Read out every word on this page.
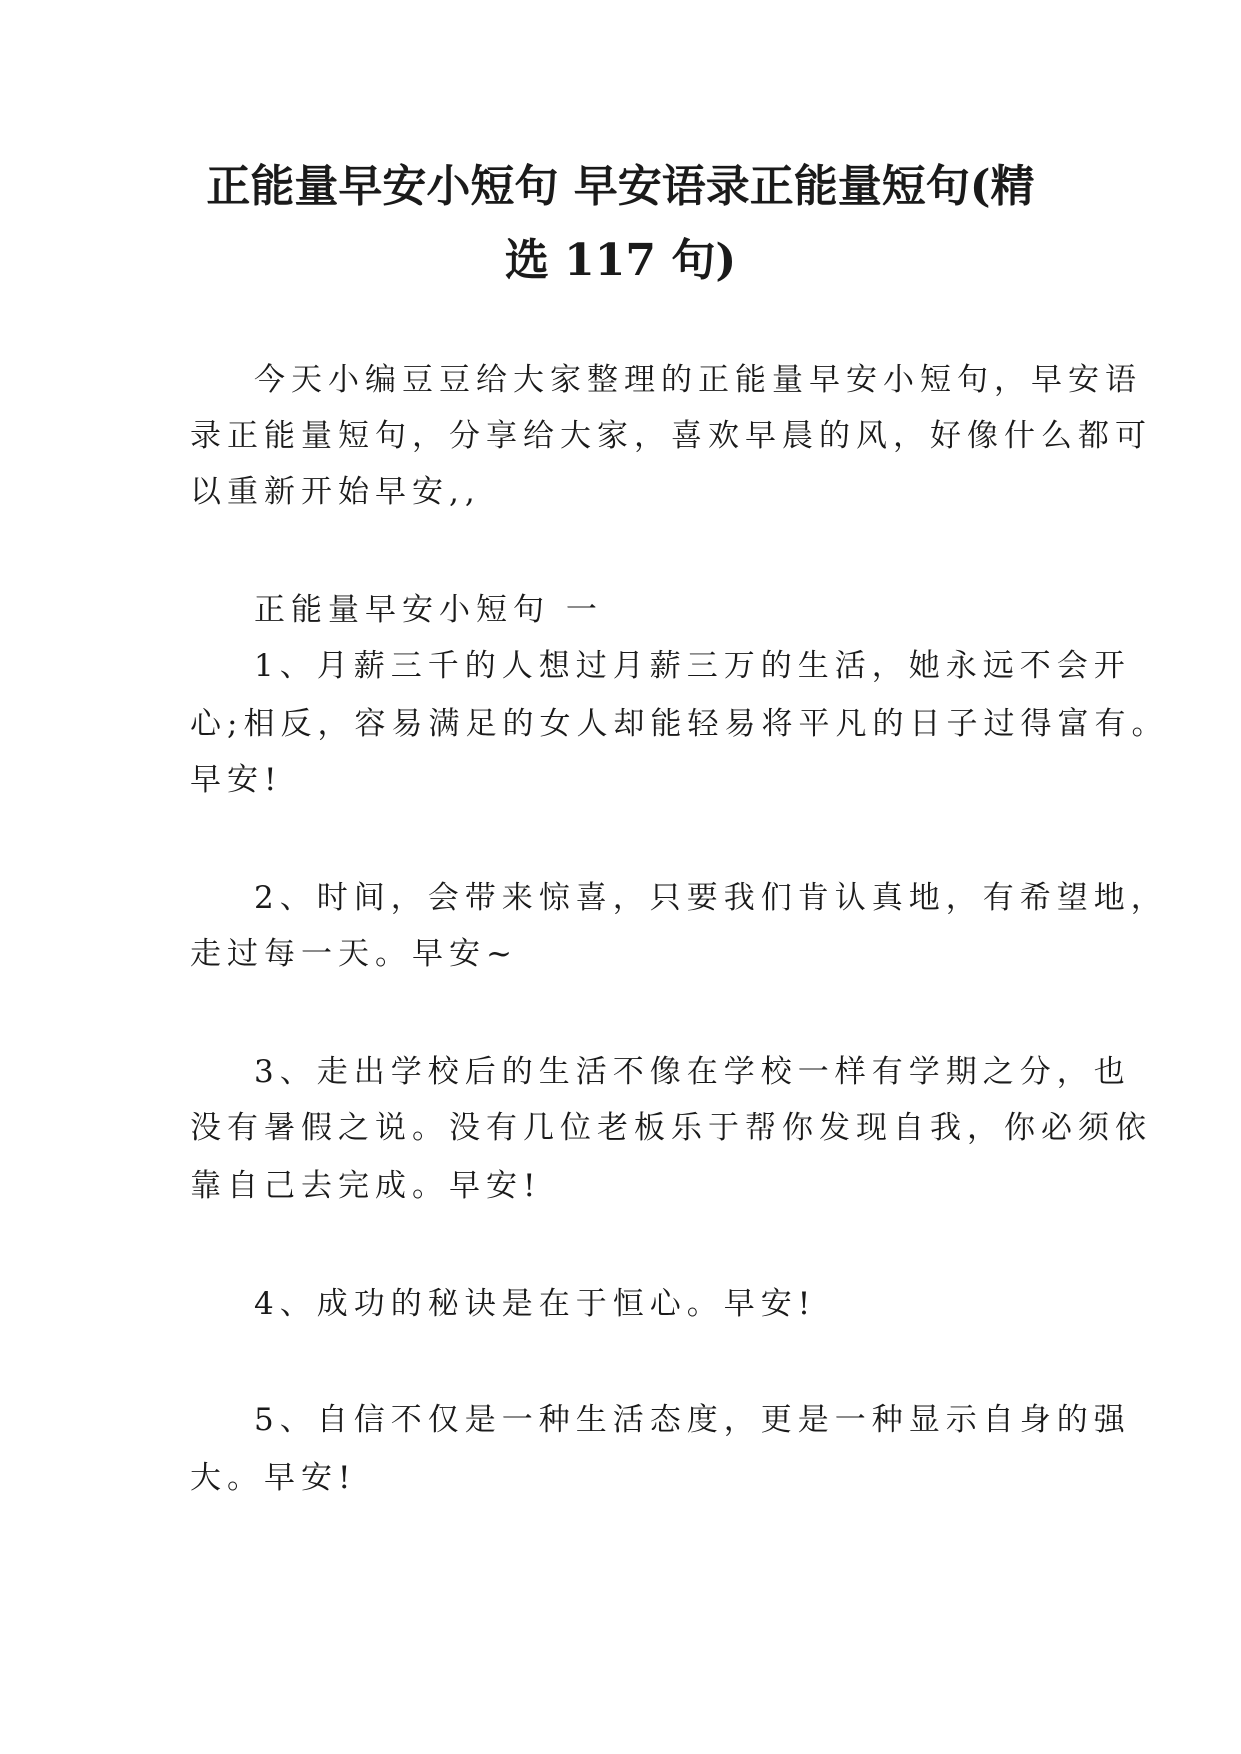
正能量早安小短句 早安语录正能量短句(精
选 117 句)

今天小编豆豆给大家整理的正能量早安小短句，早安语

录正能量短句，分享给大家，喜欢早晨的风，好像什么都可

以重新开始早安,,

正能量早安小短句 一

1、月薪三千的人想过月薪三万的生活，她永远不会开

心;相反，容易满足的女人却能轻易将平凡的日子过得富有。

早安!

2、时间，会带来惊喜，只要我们肯认真地，有希望地，

走过每一天。早安~

3、走出学校后的生活不像在学校一样有学期之分，也

没有暑假之说。没有几位老板乐于帮你发现自我，你必须依

靠自己去完成。早安!

4、成功的秘诀是在于恒心。早安!

5、自信不仅是一种生活态度，更是一种显示自身的强

大。早安!
